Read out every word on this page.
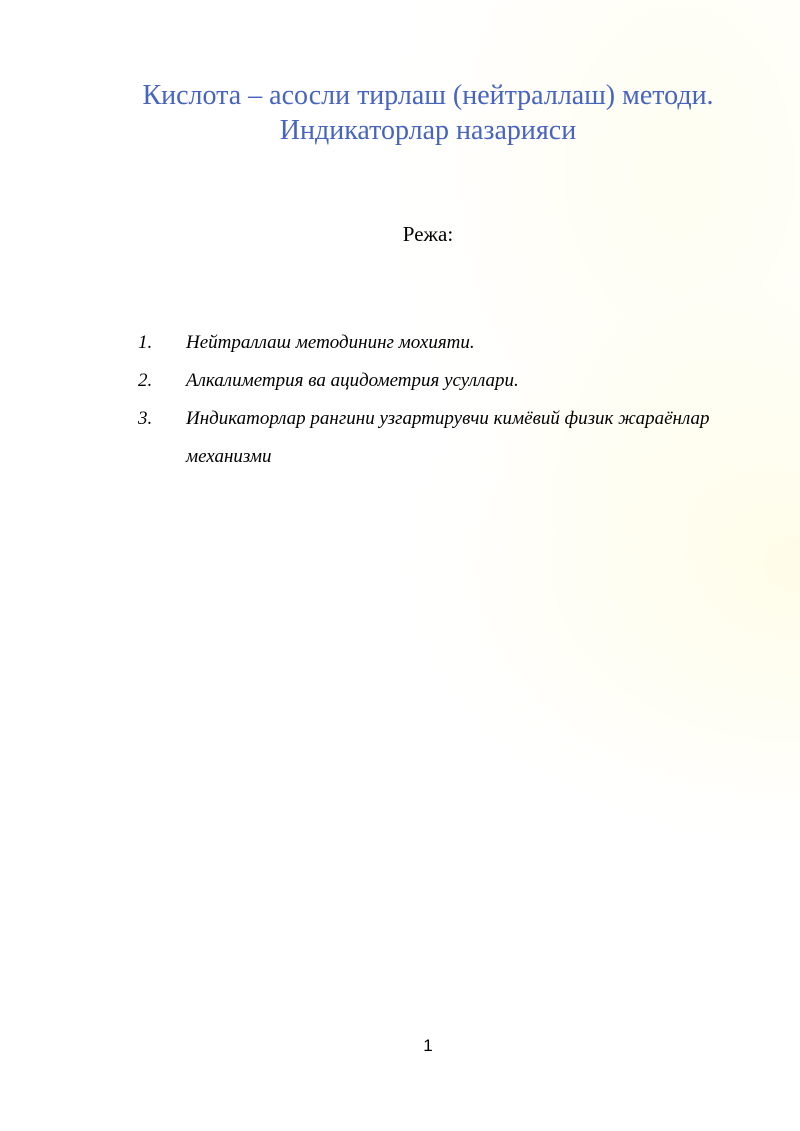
Кислота – асосли тирлаш (нейтраллаш) методи.
Индикаторлар назарияси
Режа:
1.	Нейтраллаш методининг мохияти.
2.	Алкалиметрия ва ацидометрия усуллари.
3.	Индикаторлар рангини узгартирувчи кимёвий физик жараёнлар механизми
1
